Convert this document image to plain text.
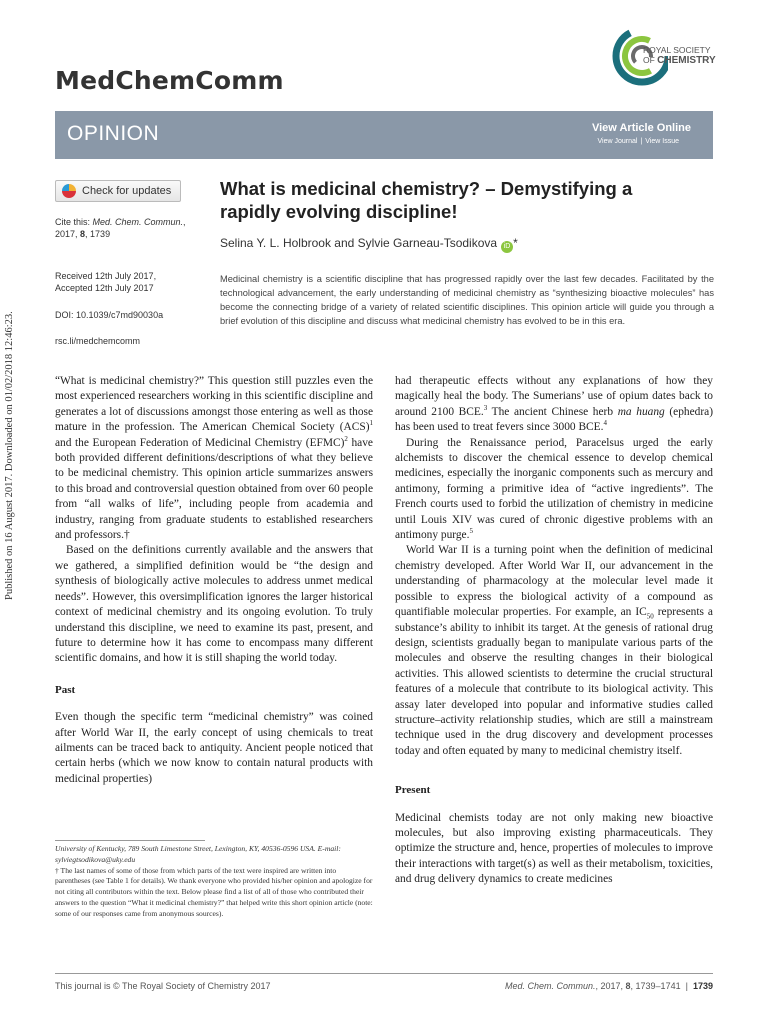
Published on 16 August 2017. Downloaded on 01/02/2018 12:46:23.
MedChemComm
ROYAL SOCIETY
OF CHEMISTRY
OPINION	View Article Online
View Journal | View Issue
Check for updates
Cite this: Med. Chem. Commun.,
2017, 8, 1739
Received 12th July 2017,
Accepted 12th July 2017
DOI: 10.1039/c7md90030a
rsc.li/medchemcomm
What is medicinal chemistry? – Demystifying a rapidly evolving discipline!
Selina Y. L. Holbrook and Sylvie Garneau-Tsodikova iD *
Medicinal chemistry is a scientific discipline that has progressed rapidly over the last few decades. Facilitated by the technological advancement, the early understanding of medicinal chemistry as “synthesizing bioactive molecules” has become the connecting bridge of a variety of related scientific disciplines. This opinion article will guide you through a brief evolution of this discipline and discuss what medicinal chemistry has evolved to be in this era.

“What is medicinal chemistry?” This question still puzzles even the most experienced researchers working in this scientific discipline and generates a lot of discussions amongst those entering as well as those mature in the profession. The American Chemical Society (ACS)$^1$ and the European Federation of Medicinal Chemistry (EFMC)$^2$ have both provided different definitions/descriptions of what they believe to be medicinal chemistry. This opinion article summarizes answers to this broad and controversial question obtained from over 60 people from “all walks of life”, including people from academia and industry, ranging from graduate students to established researchers and professors.†

Based on the definitions currently available and the answers that we gathered, a simplified definition would be “the design and synthesis of biologically active molecules to address unmet medical needs”. However, this oversimplification ignores the larger historical context of medicinal chemistry and its ongoing evolution. To truly understand this discipline, we need to examine its past, present, and future to determine how it has come to encompass many different scientific domains, and how it is still shaping the world today.

Past

Even though the specific term “medicinal chemistry” was coined after World War II, the early concept of using chemicals to treat ailments can be traced back to antiquity. Ancient people noticed that certain herbs (which we now know to contain natural products with medicinal properties)

had therapeutic effects without any explanations of how they magically heal the body. The Sumerians’ use of opium dates back to around 2100 BCE.$^3$ The ancient Chinese herb ma huang (ephedra) has been used to treat fevers since 3000 BCE.$^4$

During the Renaissance period, Paracelsus urged the early alchemists to discover the chemical essence to develop chemical medicines, especially the inorganic components such as mercury and antimony, forming a primitive idea of “active ingredients”. The French courts used to forbid the utilization of chemistry in medicine until Louis XIV was cured of chronic digestive problems with an antimony purge.$^5$

World War II is a turning point when the definition of medicinal chemistry developed. After World War II, our advancement in the understanding of pharmacology at the molecular level made it possible to express the biological activity of a compound as quantifiable molecular properties. For example, an $IC_{50}$ represents a substance’s ability to inhibit its target. At the genesis of rational drug design, scientists gradually began to manipulate various parts of the molecules and observe the resulting changes in their biological activities. This allowed scientists to determine the crucial structural features of a molecule that contribute to its biological activity. This assay later developed into popular and informative studies called structure–activity relationship studies, which are still a mainstream technique used in the drug discovery and development processes today and often equated by many to medicinal chemistry itself.

Present

Medicinal chemists today are not only making new bioactive molecules, but also improving existing pharmaceuticals. They optimize the structure and, hence, properties of molecules to improve their interactions with target(s) as well as their metabolism, toxicities, and drug delivery dynamics to create medicines

University of Kentucky, 789 South Limestone Street, Lexington, KY, 40536-0596 USA. E-mail: sylviegtsodikova@uky.edu

† The last names of some of those from which parts of the text were inspired are written into parentheses (see Table 1 for details). We thank everyone who provided his/her opinion and apologize for not citing all contributors within the text. Below please find a list of all of those who contributed their answers to the question “What it medicinal chemistry?” that helped write this short opinion article (note: some of our responses came from anonymous sources).

This journal is © The Royal Society of Chemistry 2017	Med. Chem. Commun., 2017, 8, 1739–1741 | 1739
